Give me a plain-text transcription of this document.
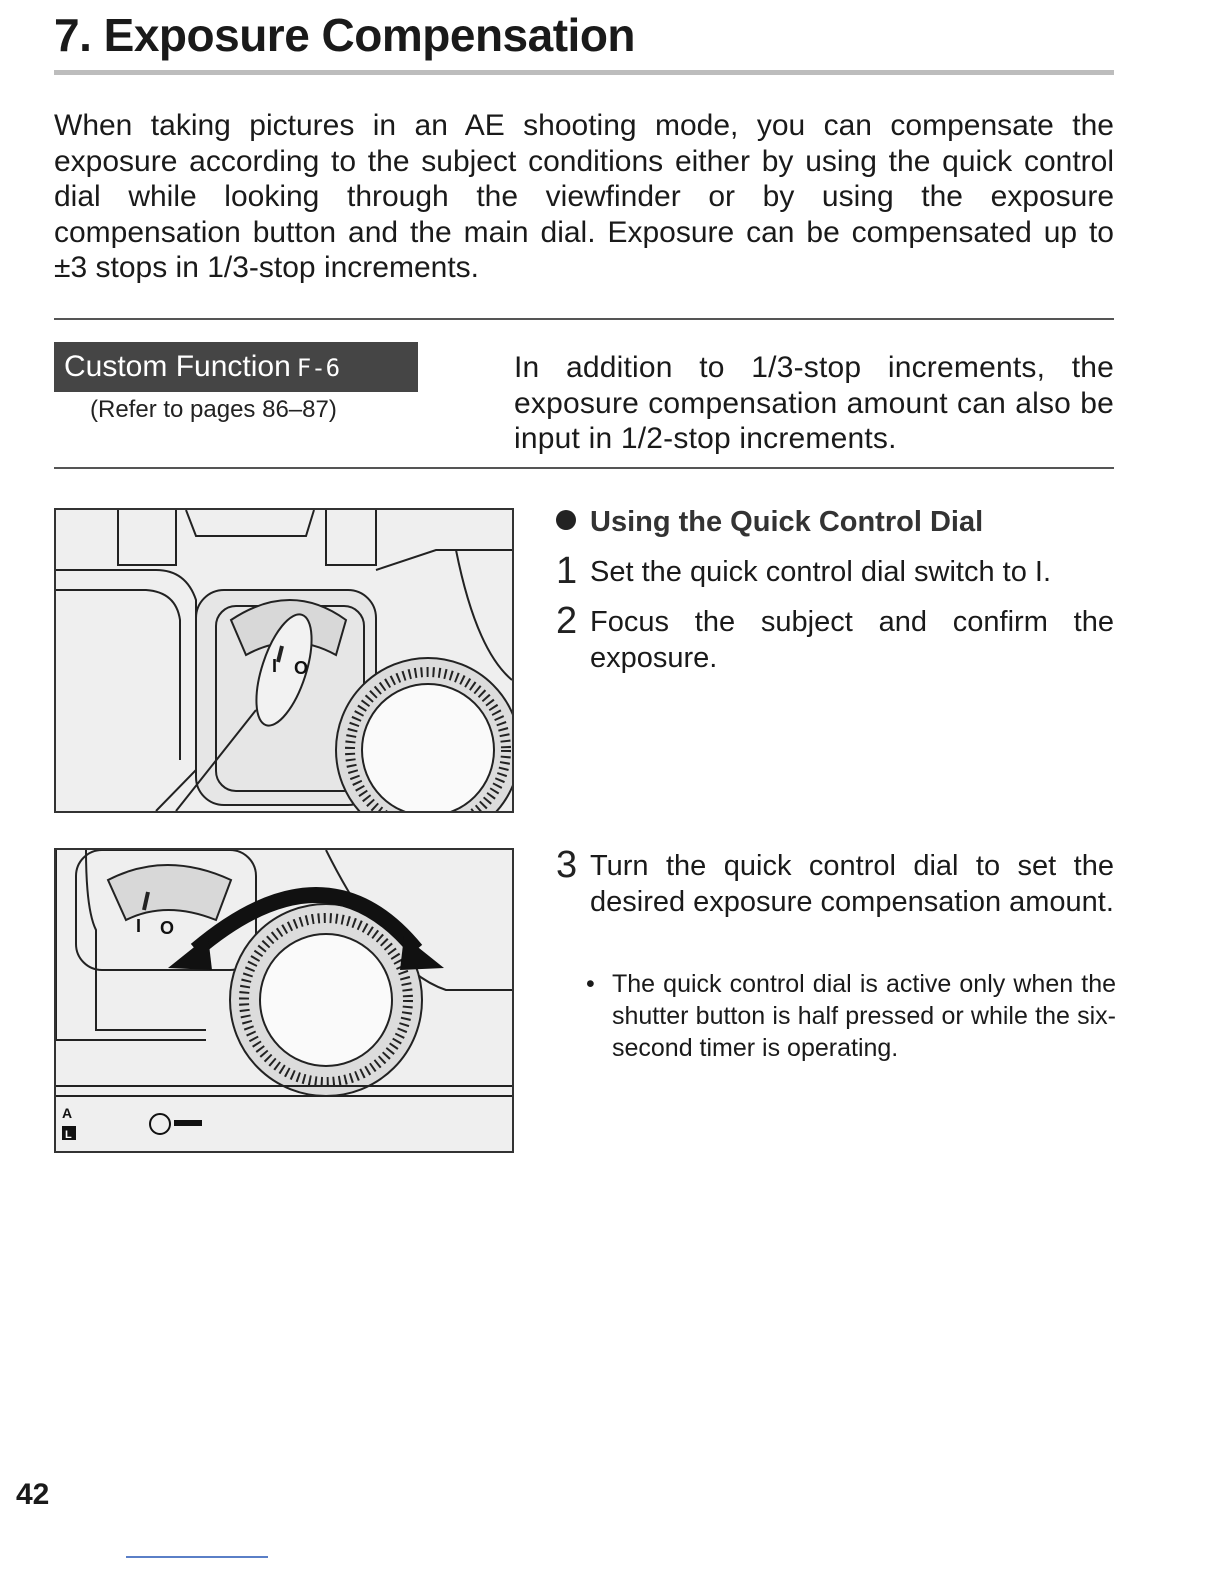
7. Exposure Compensation

When taking pictures in an AE shooting mode, you can compensate the exposure according to the subject conditions either by using the quick control dial while looking through the viewfinder or by using the exposure compensation button and the main dial. Exposure can be compensated up to ±3 stops in 1/3-stop increments.

Custom Function F-6
(Refer to pages 86–87)

In addition to 1/3-stop increments, the exposure compensation amount can also be input in 1/2-stop increments.

I O
I O
A
L
Using the Quick Control Dial
1 Set the quick control dial switch to I.
2 Focus the subject and confirm the exposure.
3 Turn the quick control dial to set the desired exposure compensation amount.
• The quick control dial is active only when the shutter button is half pressed or while the six-second timer is operating.
42
